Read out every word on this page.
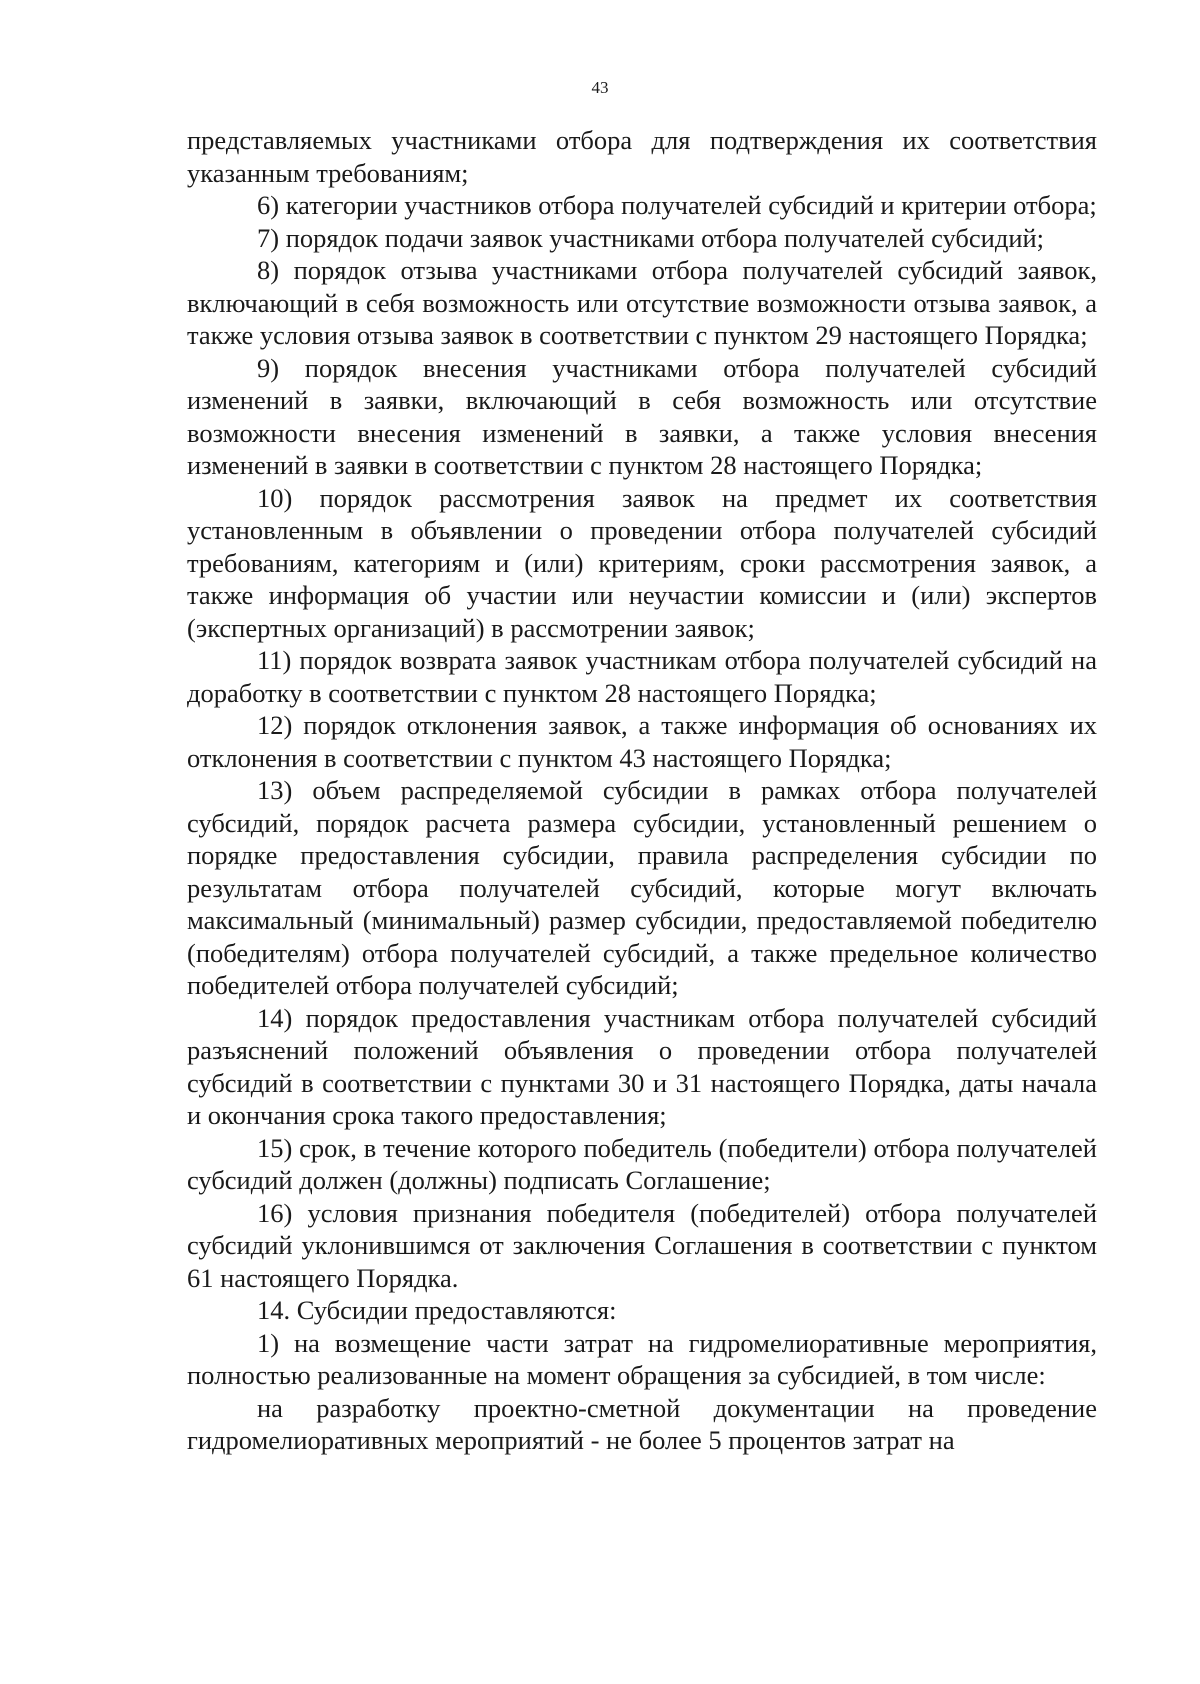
43

представляемых участниками отбора для подтверждения их соответствия указанным требованиям;

6) категории участников отбора получателей субсидий и критерии отбора;

7) порядок подачи заявок участниками отбора получателей субсидий;

8) порядок отзыва участниками отбора получателей субсидий заявок, включающий в себя возможность или отсутствие возможности отзыва заявок, а также условия отзыва заявок в соответствии с пунктом 29 настоящего Порядка;

9) порядок внесения участниками отбора получателей субсидий изменений в заявки, включающий в себя возможность или отсутствие возможности внесения изменений в заявки, а также условия внесения изменений в заявки в соответствии с пунктом 28 настоящего Порядка;

10) порядок рассмотрения заявок на предмет их соответствия установленным в объявлении о проведении отбора получателей субсидий требованиям, категориям и (или) критериям, сроки рассмотрения заявок, а также информация об участии или неучастии комиссии и (или) экспертов (экспертных организаций) в рассмотрении заявок;

11) порядок возврата заявок участникам отбора получателей субсидий на доработку в соответствии с пунктом 28 настоящего Порядка;

12) порядок отклонения заявок, а также информация об основаниях их отклонения в соответствии с пунктом 43 настоящего Порядка;

13) объем распределяемой субсидии в рамках отбора получателей субсидий, порядок расчета размера субсидии, установленный решением о порядке предоставления субсидии, правила распределения субсидии по результатам отбора получателей субсидий, которые могут включать максимальный (минимальный) размер субсидии, предоставляемой победителю (победителям) отбора получателей субсидий, а также предельное количество победителей отбора получателей субсидий;

14) порядок предоставления участникам отбора получателей субсидий разъяснений положений объявления о проведении отбора получателей субсидий в соответствии с пунктами 30 и 31 настоящего Порядка, даты начала и окончания срока такого предоставления;

15) срок, в течение которого победитель (победители) отбора получателей субсидий должен (должны) подписать Соглашение;

16) условия признания победителя (победителей) отбора получателей субсидий уклонившимся от заключения Соглашения в соответствии с пунктом 61 настоящего Порядка.

14. Субсидии предоставляются:

1) на возмещение части затрат на гидромелиоративные мероприятия, полностью реализованные на момент обращения за субсидией, в том числе:

на разработку проектно-сметной документации на проведение гидромелиоративных мероприятий - не более 5 процентов затрат на
